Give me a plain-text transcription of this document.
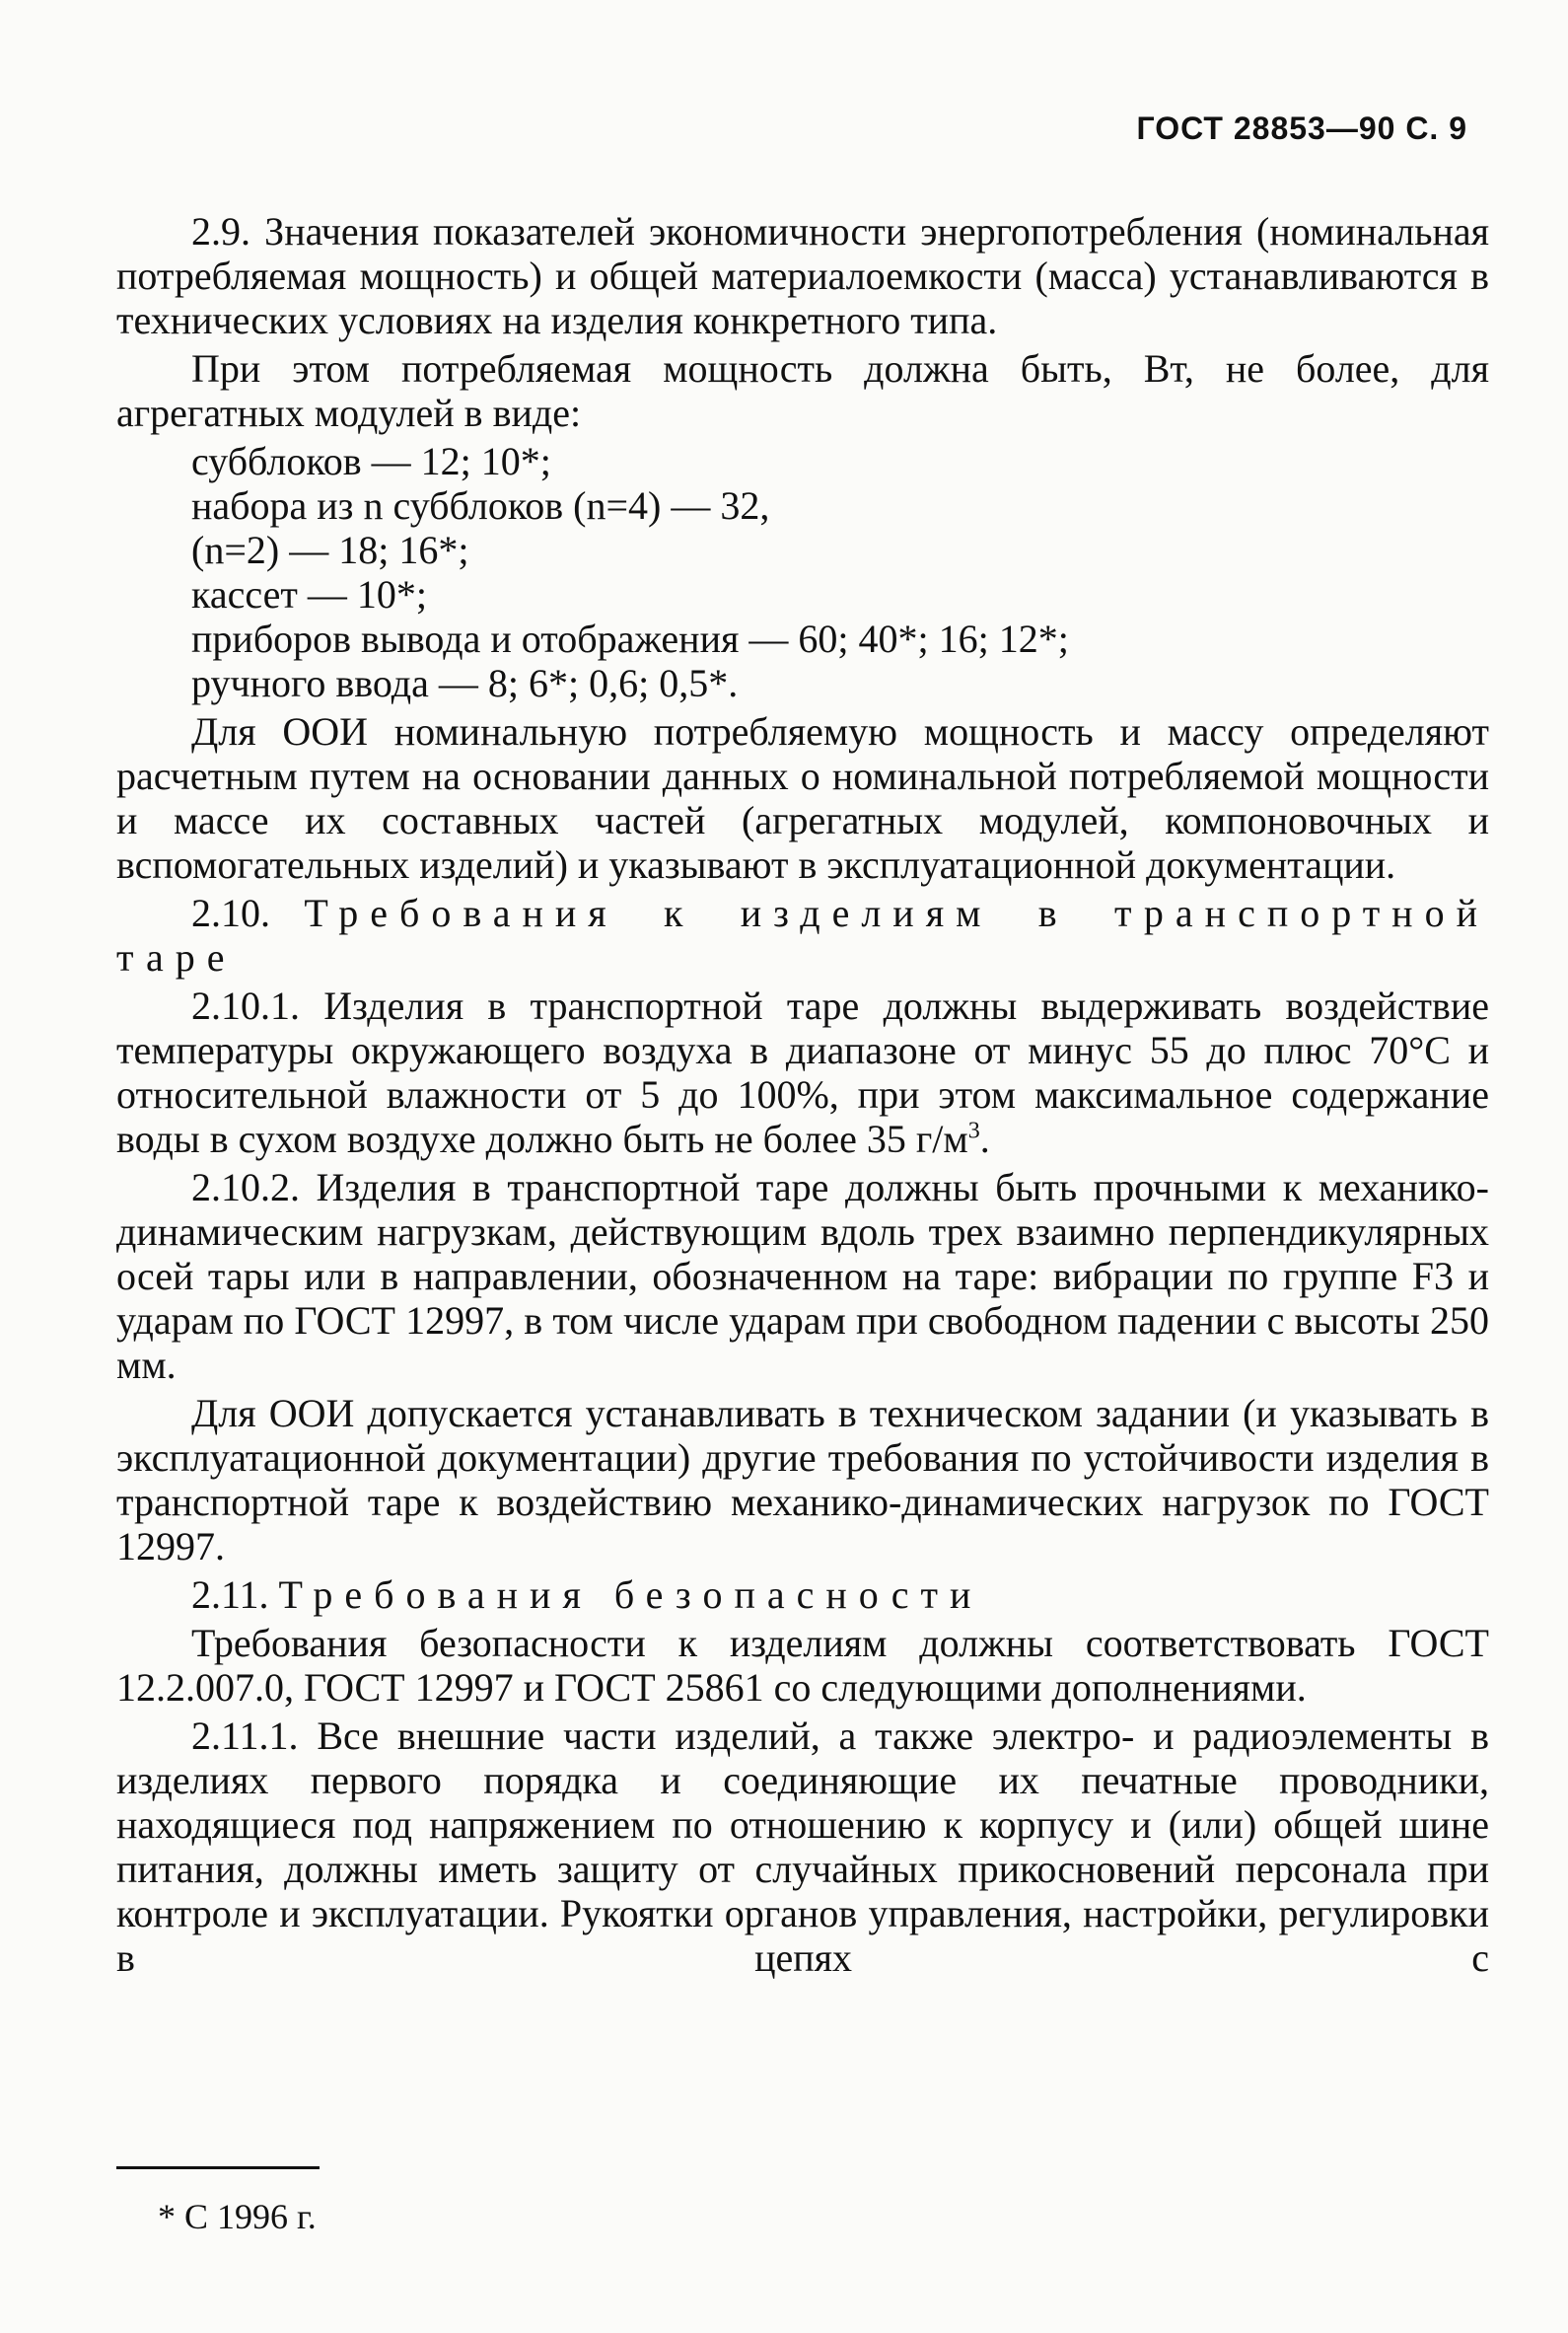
ГОСТ 28853—90 С. 9

2.9. Значения показателей экономичности энергопотребления (номинальная потребляемая мощность) и общей материалоемкости (масса) устанавливаются в технических условиях на изделия конкретного типа.

При этом потребляемая мощность должна быть, Вт, не более, для агрегатных модулей в виде:

субблоков — 12; 10*;
набора из n субблоков (n=4) — 32,
(n=2) — 18; 16*;
кассет — 10*;
приборов вывода и отображения — 60; 40*; 16; 12*;
ручного ввода — 8; 6*; 0,6; 0,5*.

Для ООИ номинальную потребляемую мощность и массу определяют расчетным путем на основании данных о номинальной потребляемой мощности и массе их составных частей (агрегатных модулей, компоновочных и вспомогательных изделий) и указывают в эксплуатационной документации.

2.10. Требования к изделиям в транспортной таре

2.10.1. Изделия в транспортной таре должны выдерживать воздействие температуры окружающего воздуха в диапазоне от минус 55 до плюс 70°С и относительной влажности от 5 до 100%, при этом максимальное содержание воды в сухом воздухе должно быть не более 35 $г/м^3$.

2.10.2. Изделия в транспортной таре должны быть прочными к механико-динамическим нагрузкам, действующим вдоль трех взаимно перпендикулярных осей тары или в направлении, обозначенном на таре: вибрации по группе F3 и ударам по ГОСТ 12997, в том числе ударам при свободном падении с высоты 250 мм.

Для ООИ допускается устанавливать в техническом задании (и указывать в эксплуатационной документации) другие требования по устойчивости изделия в транспортной таре к воздействию механико-динамических нагрузок по ГОСТ 12997.

2.11. Требования безопасности

Требования безопасности к изделиям должны соответствовать ГОСТ 12.2.007.0, ГОСТ 12997 и ГОСТ 25861 со следующими дополнениями.

2.11.1. Все внешние части изделий, а также электро- и радиоэлементы в изделиях первого порядка и соединяющие их печатные проводники, находящиеся под напряжением по отношению к корпусу и (или) общей шине питания, должны иметь защиту от случайных прикосновений персонала при контроле и эксплуатации. Рукоятки органов управления, настройки, регулировки в цепях с

* С 1996 г.
